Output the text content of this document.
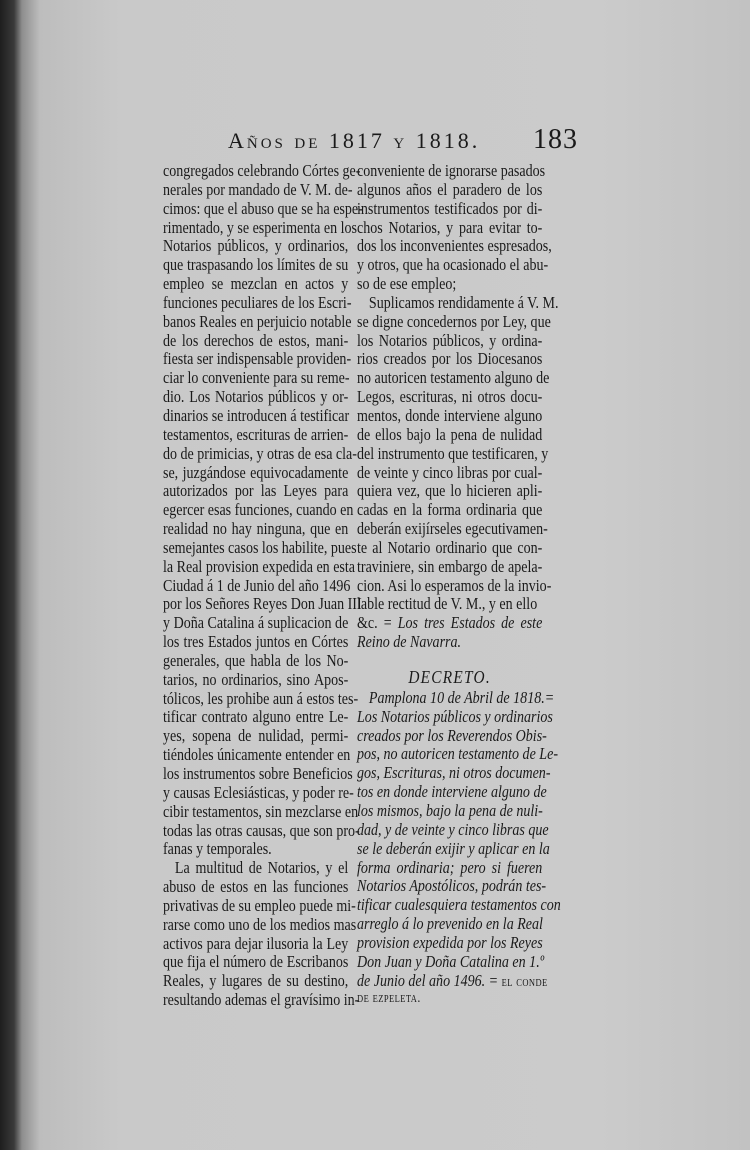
Años de 1817 y 1818. 183
congregados celebrando Córtes ge-
nerales por mandado de V. M. de-
cimos: que el abuso que se ha espe-
rimentado, y se esperimenta en los
Notarios públicos, y ordinarios,
que traspasando los límites de su
empleo se mezclan en actos y
funciones peculiares de los Escri-
banos Reales en perjuicio notable
de los derechos de estos, mani-
fiesta ser indispensable providen-
ciar lo conveniente para su reme-
dio. Los Notarios públicos y or-
dinarios se introducen á testificar
testamentos, escrituras de arrien-
do de primicias, y otras de esa cla-
se, juzgándose equivocadamente
autorizados por las Leyes para
egercer esas funciones, cuando en
realidad no hay ninguna, que en
semejantes casos los habilite, pues
la Real provision expedida en esta
Ciudad á 1 de Junio del año 1496
por los Señores Reyes Don Juan III
y Doña Catalina á suplicacion de
los tres Estados juntos en Córtes
generales, que habla de los No-
tarios, no ordinarios, sino Apos-
tólicos, les prohibe aun á estos tes-
tificar contrato alguno entre Le-
yes, sopena de nulidad, permi-
tiéndoles únicamente entender en
los instrumentos sobre Beneficios
y causas Eclesiásticas, y poder re-
cibir testamentos, sin mezclarse en
todas las otras causas, que son pro-
fanas y temporales.
La multitud de Notarios, y el
abuso de estos en las funciones
privativas de su empleo puede mi-
rarse como uno de los medios mas
activos para dejar ilusoria la Ley
que fija el número de Escribanos
Reales, y lugares de su destino,
resultando ademas el gravísimo in-
conveniente de ignorarse pasados
algunos años el paradero de los
instrumentos testificados por di-
chos Notarios, y para evitar to-
dos los inconvenientes espresados,
y otros, que ha ocasionado el abu-
so de ese empleo;
Suplicamos rendidamente á V. M.
se digne concedernos por Ley, que
los Notarios públicos, y ordina-
rios creados por los Diocesanos
no autoricen testamento alguno de
Legos, escrituras, ni otros docu-
mentos, donde interviene alguno
de ellos bajo la pena de nulidad
del instrumento que testificaren, y
de veinte y cinco libras por cual-
quiera vez, que lo hicieren apli-
cadas en la forma ordinaria que
deberán exijírseles egecutivamen-
te al Notario ordinario que con-
traviniere, sin embargo de apela-
cion. Asi lo esperamos de la invio-
lable rectitud de V. M., y en ello
&c. = Los tres Estados de este
Reino de Navarra.
DECRETO.
Pamplona 10 de Abril de 1818.=
Los Notarios públicos y ordinarios
creados por los Reverendos Obis-
pos, no autoricen testamento de Le-
gos, Escrituras, ni otros documen-
tos en donde interviene alguno de
los mismos, bajo la pena de nuli-
dad, y de veinte y cinco libras que
se le deberán exijir y aplicar en la
forma ordinaria; pero si fueren
Notarios Apostólicos, podrán tes-
tificar cualesquiera testamentos con
arreglo á lo prevenido en la Real
provision expedida por los Reyes
Don Juan y Doña Catalina en 1.º
de Junio del año 1496. = el conde
de ezpeleta.
